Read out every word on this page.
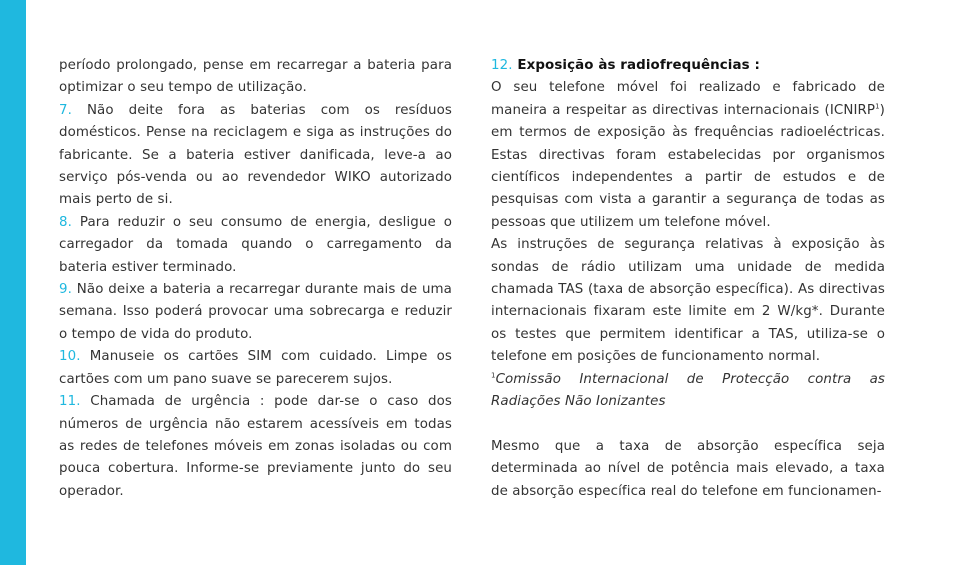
período prolongado, pense em recarregar a bateria para optimizar o seu tempo de utilização.

7. Não deite fora as baterias com os resíduos domésticos. Pense na reciclagem e siga as instruções do fabricante. Se a bateria estiver danificada, leve-a ao serviço pós-venda ou ao revendedor WIKO autorizado mais perto de si.

8. Para reduzir o seu consumo de energia, desligue o carregador da tomada quando o carregamento da bateria estiver terminado.

9. Não deixe a bateria a recarregar durante mais de uma semana. Isso poderá provocar uma sobrecarga e reduzir o tempo de vida do produto.

10. Manuseie os cartões SIM com cuidado. Limpe os cartões com um pano suave se parecerem sujos.

11. Chamada de urgência : pode dar-se o caso dos números de urgência não estarem acessíveis em todas as redes de telefones móveis em zonas isoladas ou com pouca cobertura. Informe-se previamente junto do seu operador.

12. Exposição às radiofrequências :

O seu telefone móvel foi realizado e fabricado de maneira a respeitar as directivas internacionais (ICNIRP$^1$) em termos de exposição às frequências radioeléctricas. Estas directivas foram estabelecidas por organismos científicos independentes a partir de estudos e de pesquisas com vista a garantir a segurança de todas as pessoas que utilizem um telefone móvel.

As instruções de segurança relativas à exposição às sondas de rádio utilizam uma unidade de medida chamada TAS (taxa de absorção específica). As directivas internacionais fixaram este limite em 2 W/kg*. Durante os testes que permitem identificar a TAS, utiliza-se o telefone em posições de funcionamento normal.

$^1$Comissão Internacional de Protecção contra as Radiações Não Ionizantes

Mesmo que a taxa de absorção específica seja determinada ao nível de potência mais elevado, a taxa de absorção específica real do telefone em funcionamen-
